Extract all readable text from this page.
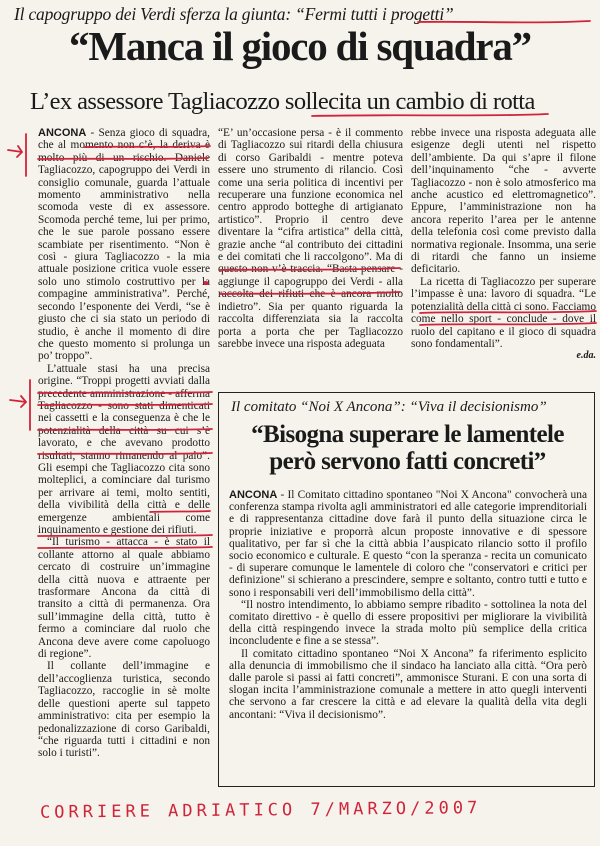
Il capogruppo dei Verdi sferza la giunta: “Fermi tutti i progetti”
“Manca il gioco di squadra”
L’ex assessore Tagliacozzo sollecita un cambio di rotta

ANCONA - Senza gioco di squadra, che al momento non c’è, la deriva è molto più di un rischio. Daniele Tagliacozzo, capogruppo dei Verdi in consiglio comunale, guarda l’attuale momento amministrativo nella scomoda veste di ex assessore. Scomoda perché teme, lui per primo, che le sue parole possano essere scambiate per risentimento. “Non è così - giura Tagliacozzo - la mia attuale posizione critica vuole essere solo uno stimolo costruttivo per la compagine amministrativa”. Perché, secondo l’esponente dei Verdi, “se è giusto che ci sia stato un periodo di studio, è anche il momento di dire che questo momento si prolunga un po’ troppo”.

L’attuale stasi ha una precisa origine. “Troppi progetti avviati dalla precedente amministrazione - afferma Tagliacozzo - sono stati dimenticati nei cassetti e la conseguenza è che le potenzialità della città su cui s’è lavorato, e che avevano prodotto risultati, stanno rimanendo al palo”. Gli esempi che Tagliacozzo cita sono molteplici, a cominciare dal turismo per arrivare ai temi, molto sentiti, della vivibilità della città e delle emergenze ambientali come inquinamento e gestione dei rifiuti.

“Il turismo - attacca - è stato il collante attorno al quale abbiamo cercato di costruire un’immagine della città nuova e attraente per trasformare Ancona da città di transito a città di permanenza. Ora sull’immagine della città, tutto è fermo a cominciare dal ruolo che Ancona deve avere come capoluogo di regione”.

Il collante dell’immagine e dell’accoglienza turistica, secondo Tagliacozzo, raccoglie in sè molte delle questioni aperte sul tappeto amministrativo: cita per esempio la pedonalizzazione di corso Garibaldi, “che riguarda tutti i cittadini e non solo i turisti”.

“E’ un’occasione persa - è il commento di Tagliacozzo sui ritardi della chiusura di corso Garibaldi - mentre poteva essere uno strumento di rilancio. Così come una seria politica di incentivi per recuperare una funzione economica nel centro approdo botteghe di artigianato artistico”. Proprio il centro deve diventare la “cifra artistica” della città, grazie anche “al contributo dei cittadini e dei comitati che li raccolgono”. Ma di questo non v’è traccia. “Basta pensare - aggiunge il capogruppo dei Verdi - alla raccolta dei rifiuti che è ancora molto indietro”. Sia per quanto riguarda la raccolta differenziata sia la raccolta porta a porta che per Tagliacozzo sarebbe invece una risposta adeguata

rebbe invece una risposta adeguata alle esigenze degli utenti nel rispetto dell’ambiente. Da qui s’apre il filone dell’inquinamento “che - avverte Tagliacozzo - non è solo atmosferico ma anche acustico ed elettromagnetico”. Eppure, l’amministrazione non ha ancora reperito l’area per le antenne della telefonia così come previsto dalla normativa regionale. Insomma, una serie di ritardi che fanno un insieme deficitario.

La ricetta di Tagliacozzo per superare l’impasse è una: lavoro di squadra. “Le potenzialità della città ci sono. Facciamo come nello sport - conclude - dove il ruolo del capitano e il gioco di squadra sono fondamentali”.

e.da.
Il comitato “Noi X Ancona”: “Viva il decisionismo”
“Bisogna superare le lamentele
però servono fatti concreti”

ANCONA - Il Comitato cittadino spontaneo "Noi X Ancona" convocherà una conferenza stampa rivolta agli amministratori ed alle categorie imprenditoriali e di rappresentanza cittadine dove farà il punto della situazione circa le proprie iniziative e proporrà alcun proposte innovative e di spessore qualitativo, per far sì che la città abbia l’auspicato rilancio sotto il profilo socio economico e culturale. E questo “con la speranza - recita un comunicato - di superare comunque le lamentele di coloro che "conservatori e critici per definizione" si schierano a prescindere, sempre e soltanto, contro tutti e tutto e sono i responsabili veri dell’immobilismo della città”.

“Il nostro intendimento, lo abbiamo sempre ribadito - sottolinea la nota del comitato direttivo - è quello di essere propositivi per migliorare la vivibilità della città respingendo invece la strada molto più semplice della critica inconcludente e fine a se stessa”.

Il comitato cittadino spontaneo “Noi X Ancona” fa riferimento esplicito alla denuncia di immobilismo che il sindaco ha lanciato alla città. “Ora però dalle parole si passi ai fatti concreti”, ammonisce Sturani. E con una sorta di slogan incita l’amministrazione comunale a mettere in atto quegli interventi che servono a far crescere la città e ad elevare la qualità della vita degli ancontani: “Viva il decisionismo”.

CORRIERE ADRIATICO 7/MARZO/2007
